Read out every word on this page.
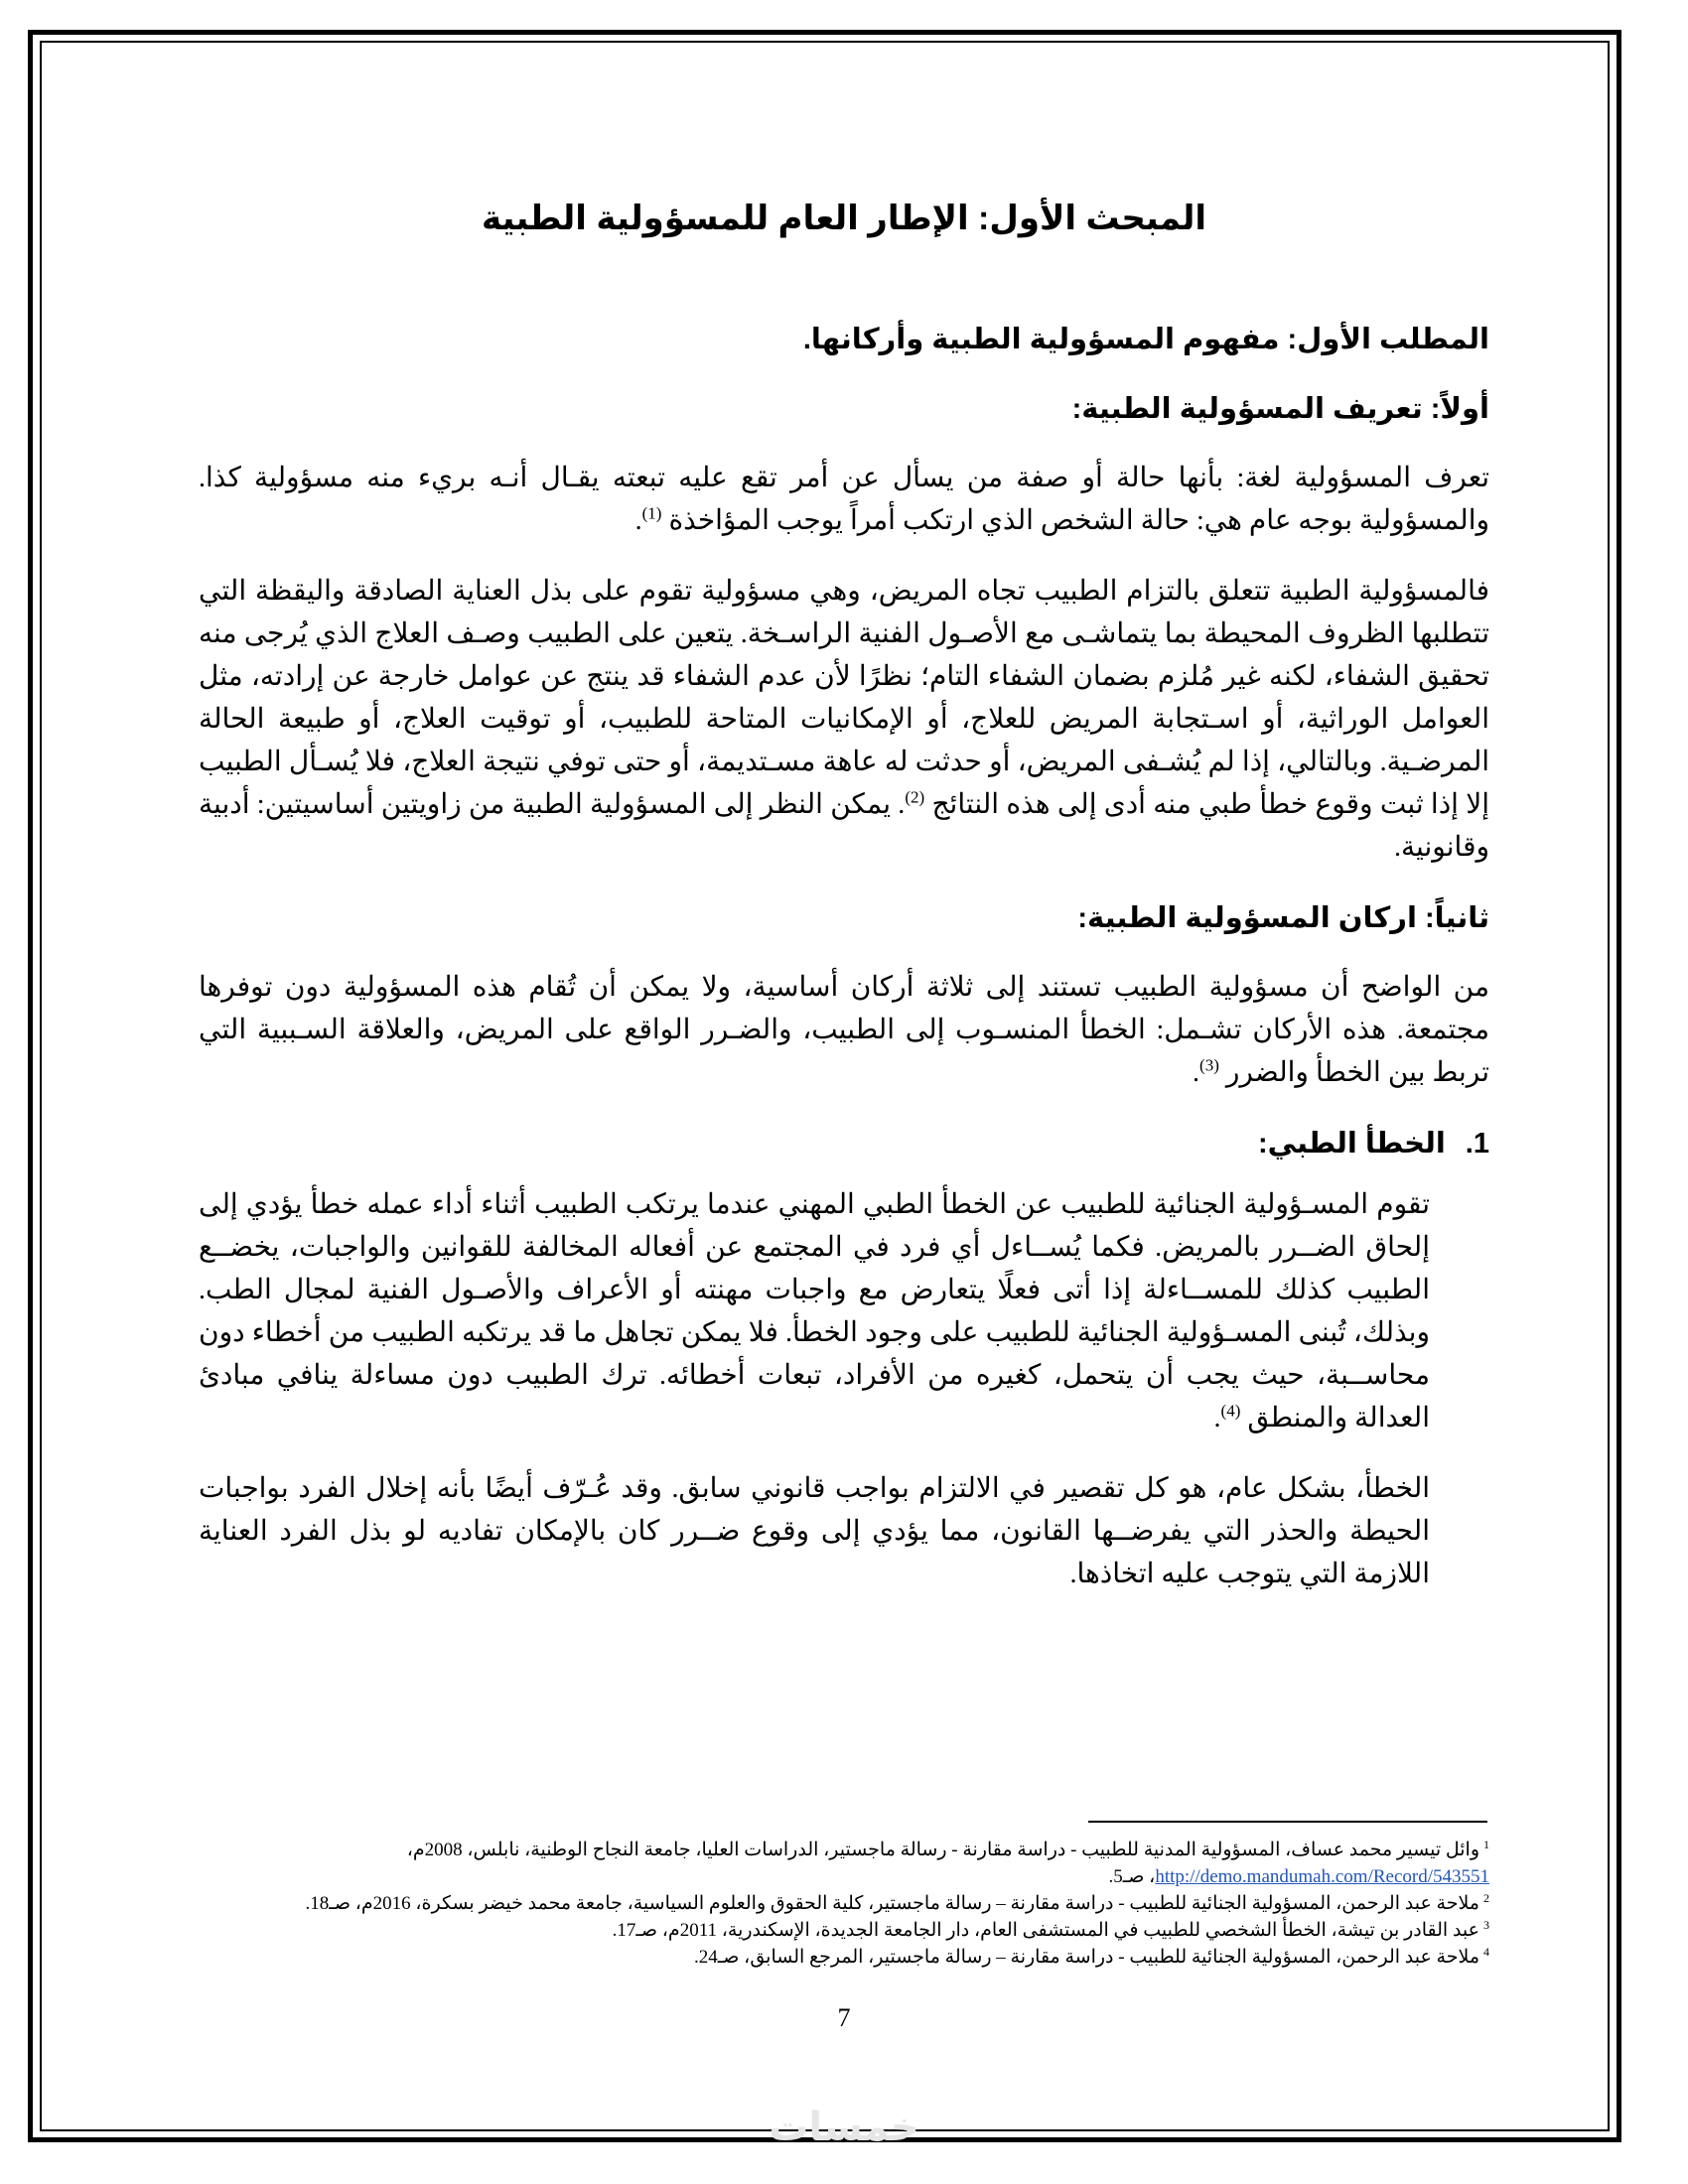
المبحث الأول: الإطار العام للمسؤولية الطبية
المطلب الأول: مفهوم المسؤولية الطبية وأركانها.
أولاً: تعريف المسؤولية الطبية:

تعرف المسؤولية لغة: بأنها حالة أو صفة من يسأل عن أمر تقع عليه تبعته يقـال أنـه بريء منه مسؤولية كذا. والمسؤولية بوجه عام هي: حالة الشخص الذي ارتكب أمراً يوجب المؤاخذة $^{(1)}$.

فالمسؤولية الطبية تتعلق بالتزام الطبيب تجاه المريض، وهي مسؤولية تقوم على بذل العناية الصادقة واليقظة التي تتطلبها الظروف المحيطة بما يتماشـى مع الأصـول الفنية الراسـخة. يتعين على الطبيب وصـف العلاج الذي يُرجى منه تحقيق الشفاء، لكنه غير مُلزم بضمان الشفاء التام؛ نظرًا لأن عدم الشفاء قد ينتج عن عوامل خارجة عن إرادته، مثل العوامل الوراثية، أو اسـتجابة المريض للعلاج، أو الإمكانيات المتاحة للطبيب، أو توقيت العلاج، أو طبيعة الحالة المرضـية. وبالتالي، إذا لم يُشـفى المريض، أو حدثت له عاهة مسـتديمة، أو حتى توفي نتيجة العلاج، فلا يُسـأل الطبيب إلا إذا ثبت وقوع خطأ طبي منه أدى إلى هذه النتائج $^{(2)}$. يمكن النظر إلى المسؤولية الطبية من زاويتين أساسيتين: أدبية وقانونية.

ثانياً: اركان المسؤولية الطبية:

من الواضح أن مسؤولية الطبيب تستند إلى ثلاثة أركان أساسية، ولا يمكن أن تُقام هذه المسؤولية دون توفرها مجتمعة. هذه الأركان تشـمل: الخطأ المنسـوب إلى الطبيب، والضـرر الواقع على المريض، والعلاقة السـببية التي تربط بين الخطأ والضرر $^{(3)}$.

1.الخطأ الطبي:

تقوم المسـؤولية الجنائية للطبيب عن الخطأ الطبي المهني عندما يرتكب الطبيب أثناء أداء عمله خطأ يؤدي إلى إلحاق الضــرر بالمريض. فكما يُســاءل أي فرد في المجتمع عن أفعاله المخالفة للقوانين والواجبات، يخضــع الطبيب كذلك للمســاءلة إذا أتى فعلًا يتعارض مع واجبات مهنته أو الأعراف والأصـول الفنية لمجال الطب. وبذلك، تُبنى المسـؤولية الجنائية للطبيب على وجود الخطأ. فلا يمكن تجاهل ما قد يرتكبه الطبيب من أخطاء دون محاســبة، حيث يجب أن يتحمل، كغيره من الأفراد، تبعات أخطائه. ترك الطبيب دون مساءلة ينافي مبادئ العدالة والمنطق $^{(4)}$.

الخطأ، بشكل عام، هو كل تقصير في الالتزام بواجب قانوني سابق. وقد عُـرّف أيضًا بأنه إخلال الفرد بواجبات الحيطة والحذر التي يفرضــها القانون، مما يؤدي إلى وقوع ضــرر كان بالإمكان تفاديه لو بذل الفرد العناية اللازمة التي يتوجب عليه اتخاذها.

$^1$وائل تيسير محمد عساف، المسؤولية المدنية للطبيب - دراسة مقارنة - رسالة ماجستير، الدراسات العليا، جامعة النجاح الوطنية، نابلس، 2008م،
http://demo.mandumah.com/Record/543551، صـ5.

$^2$ملاحة عبد الرحمن، المسؤولية الجنائية للطبيب - دراسة مقارنة – رسالة ماجستير، كلية الحقوق والعلوم السياسية، جامعة محمد خيضر بسكرة، 2016م، صـ18.

$^3$عبد القادر بن تيشة، الخطأ الشخصي للطبيب في المستشفى العام، دار الجامعة الجديدة، الإسكندرية، 2011م، صـ17.

$^4$ملاحة عبد الرحمن، المسؤولية الجنائية للطبيب - دراسة مقارنة – رسالة ماجستير، المرجع السابق، صـ24.

7
خمسات
